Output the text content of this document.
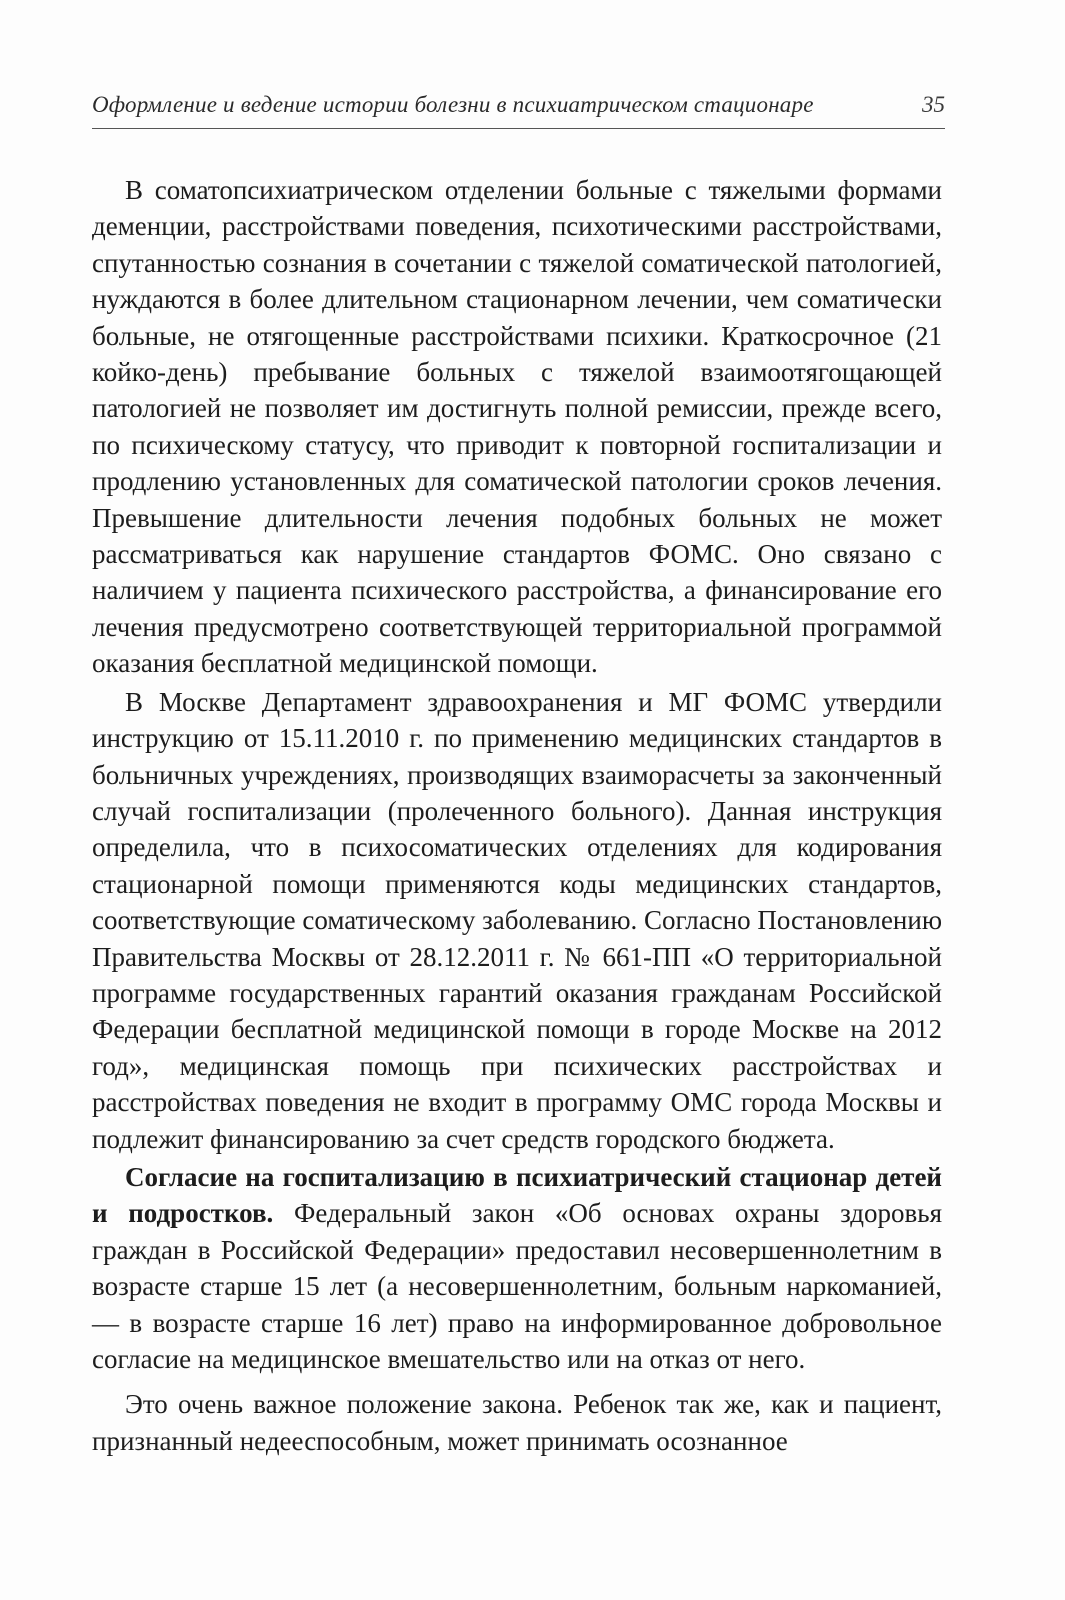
Оформление и ведение истории болезни в психиатрическом стационаре	35

В соматопсихиатрическом отделении больные с тяжелыми формами деменции, расстройствами поведения, психотическими расстройствами, спутанностью сознания в сочетании с тяжелой соматической патологией, нуждаются в более длительном стационарном лечении, чем соматически больные, не отягощенные расстройствами психики. Краткосрочное (21 койко-день) пребывание больных с тяжелой взаимоотягощающей патологией не позволяет им достигнуть полной ремиссии, прежде всего, по психическому статусу, что приводит к повторной госпитализации и продлению установленных для соматической патологии сроков лечения. Превышение длительности лечения подобных больных не может рассматриваться как нарушение стандартов ФОМС. Оно связано с наличием у пациента психического расстройства, а финансирование его лечения предусмотрено соответствующей территориальной программой оказания бесплатной медицинской помощи.

В Москве Департамент здравоохранения и МГ ФОМС утвердили инструкцию от 15.11.2010 г. по применению медицинских стандартов в больничных учреждениях, производящих взаиморасчеты за законченный случай госпитализации (пролеченного больного). Данная инструкция определила, что в психосоматических отделениях для кодирования стационарной помощи применяются коды медицинских стандартов, соответствующие соматическому заболеванию. Согласно Постановлению Правительства Москвы от 28.12.2011 г. № 661-ПП «О территориальной программе государственных гарантий оказания гражданам Российской Федерации бесплатной медицинской помощи в городе Москве на 2012 год», медицинская помощь при психических расстройствах и расстройствах поведения не входит в программу ОМС города Москвы и подлежит финансированию за счет средств городского бюджета.

Согласие на госпитализацию в психиатрический стационар детей и подростков. Федеральный закон «Об основах охраны здоровья граждан в Российской Федерации» предоставил несовершеннолетним в возрасте старше 15 лет (а несовершеннолетним, больным наркоманией, — в возрасте старше 16 лет) право на информированное добровольное согласие на медицинское вмешательство или на отказ от него.

Это очень важное положение закона. Ребенок так же, как и пациент, признанный недееспособным, может принимать осознанное
